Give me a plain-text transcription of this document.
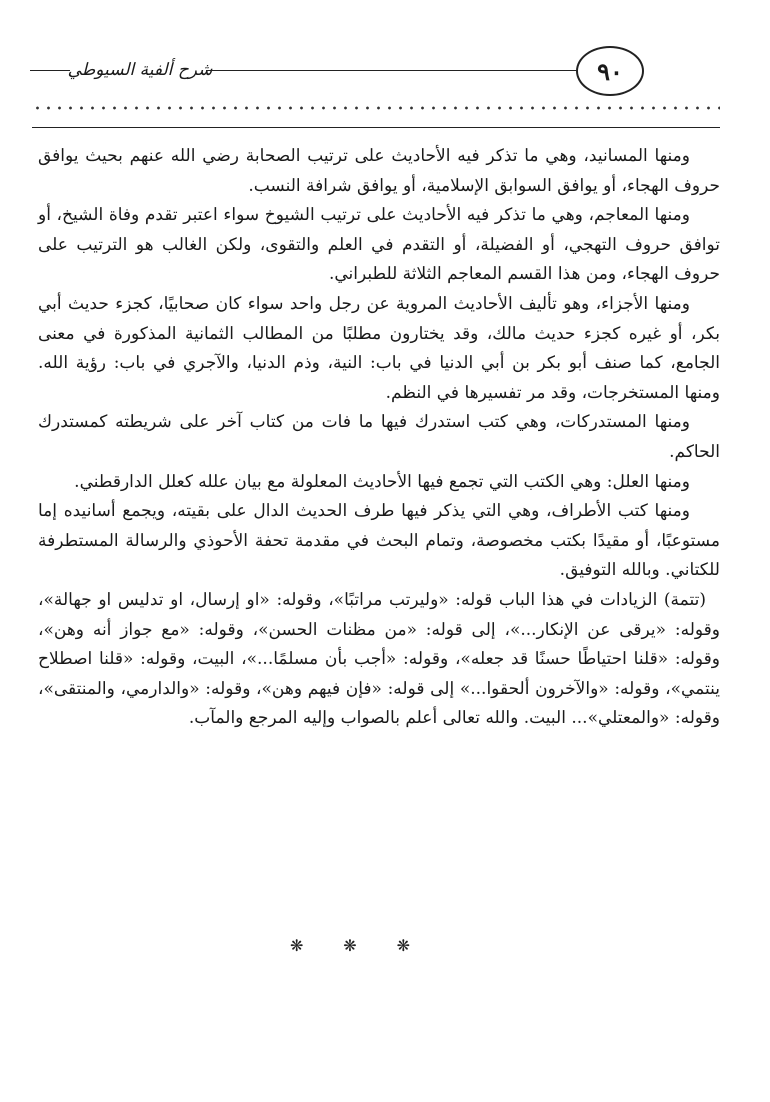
شرح ألفية السيوطي	٩٠

ومنها المسانيد، وهي ما تذكر فيه الأحاديث على ترتيب الصحابة رضي الله عنهم بحيث يوافق حروف الهجاء، أو يوافق السوابق الإسلامية، أو يوافق شرافة النسب.

ومنها المعاجم، وهي ما تذكر فيه الأحاديث على ترتيب الشيوخ سواء اعتبر تقدم وفاة الشيخ، أو توافق حروف التهجي، أو الفضيلة، أو التقدم في العلم والتقوى، ولكن الغالب هو الترتيب على حروف الهجاء، ومن هذا القسم المعاجم الثلاثة للطبراني.

ومنها الأجزاء، وهو تأليف الأحاديث المروية عن رجل واحد سواء كان صحابيًا، كجزء حديث أبي بكر، أو غيره كجزء حديث مالك، وقد يختارون مطلبًا من المطالب الثمانية المذكورة في معنى الجامع، كما صنف أبو بكر بن أبي الدنيا في باب: النية، وذم الدنيا، والآجري في باب: رؤية الله. ومنها المستخرجات، وقد مر تفسيرها في النظم.

ومنها المستدركات، وهي كتب استدرك فيها ما فات من كتاب آخر على شريطته كمستدرك الحاكم.

ومنها العلل: وهي الكتب التي تجمع فيها الأحاديث المعلولة مع بيان علله كعلل الدارقطني.

ومنها كتب الأطراف، وهي التي يذكر فيها طرف الحديث الدال على بقيته، ويجمع أسانيده إما مستوعبًا، أو مقيدًا بكتب مخصوصة، وتمام البحث في مقدمة تحفة الأحوذي والرسالة المستطرفة للكتاني. وبالله التوفيق.

(تتمة) الزيادات في هذا الباب قوله: «وليرتب مراتبًا»، وقوله: «او إرسال، او تدليس او جهالة»، وقوله: «يرقى عن الإنكار...»، إلى قوله: «من مظنات الحسن»، وقوله: «مع جواز أنه وهن»، وقوله: «قلنا احتياطًا حسنًا قد جعله»، وقوله: «أجب بأن مسلمًا...»، البيت، وقوله: «قلنا اصطلاح ينتمي»، وقوله: «والآخرون ألحقوا...» إلى قوله: «فإن فيهم وهن»، وقوله: «والدارمي، والمنتقى»، وقوله: «والمعتلي»... البيت. والله تعالى أعلم بالصواب وإليه المرجع والمآب.

❋ ❋ ❋
